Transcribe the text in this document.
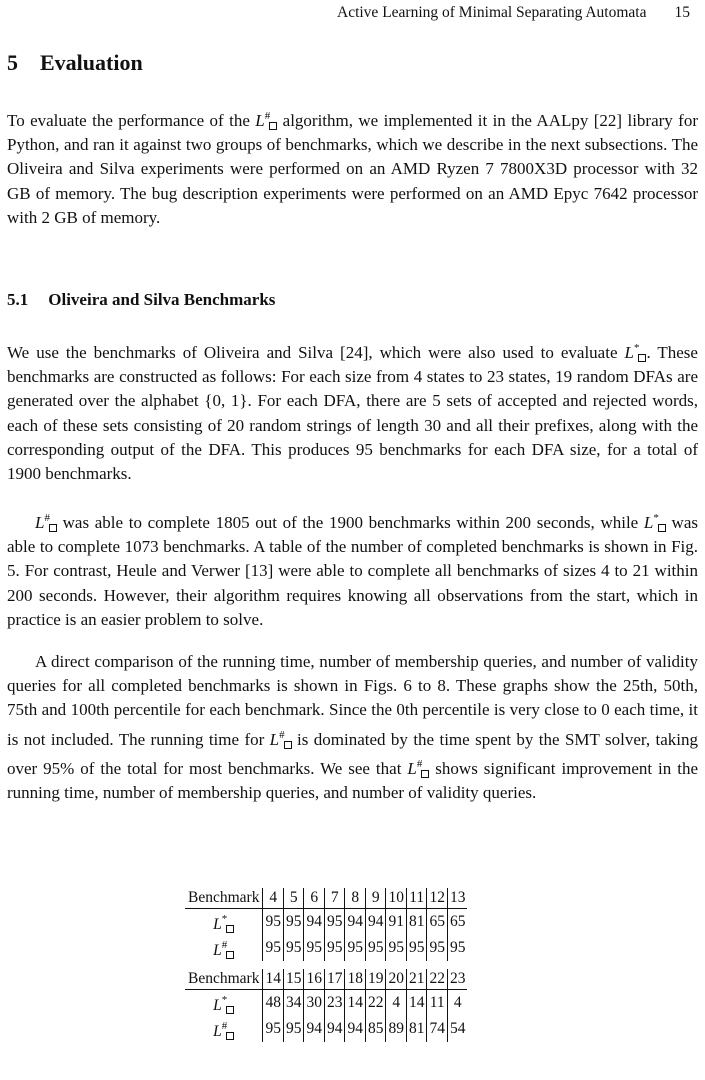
Active Learning of Minimal Separating Automata 15
5 Evaluation
To evaluate the performance of the L# algorithm, we implemented it in the AALpy [22] library for Python, and ran it against two groups of benchmarks, which we describe in the next subsections. The Oliveira and Silva experiments were performed on an AMD Ryzen 7 7800X3D processor with 32 GB of memory. The bug description experiments were performed on an AMD Epyc 7642 processor with 2 GB of memory.
5.1 Oliveira and Silva Benchmarks
We use the benchmarks of Oliveira and Silva [24], which were also used to evaluate L* . These benchmarks are constructed as follows: For each size from 4 states to 23 states, 19 random DFAs are generated over the alphabet {0, 1}. For each DFA, there are 5 sets of accepted and rejected words, each of these sets consisting of 20 random strings of length 30 and all their prefixes, along with the corresponding output of the DFA. This produces 95 benchmarks for each DFA size, for a total of 1900 benchmarks.
L# was able to complete 1805 out of the 1900 benchmarks within 200 seconds, while L* was able to complete 1073 benchmarks. A table of the number of completed benchmarks is shown in Fig. 5. For contrast, Heule and Verwer [13] were able to complete all benchmarks of sizes 4 to 21 within 200 seconds. However, their algorithm requires knowing all observations from the start, which in practice is an easier problem to solve.
A direct comparison of the running time, number of membership queries, and number of validity queries for all completed benchmarks is shown in Figs. 6 to 8. These graphs show the 25th, 50th, 75th and 100th percentile for each benchmark. Since the 0th percentile is very close to 0 each time, it is not included. The running time for L# is dominated by the time spent by the SMT solver, taking over 95% of the total for most benchmarks. We see that L# shows significant improvement in the running time, number of membership queries, and number of validity queries.
Benchmark	4	5	6	7	8	9	10	11	12	13
L*	95	95	94	95	94	94	91	81	65	65
L#	95	95	95	95	95	95	95	95	95	95
Benchmark	14	15	16	17	18	19	20	21	22	23
L*	48	34	30	23	14	22	4	14	11	4
L#	95	95	94	94	94	85	89	81	74	54
